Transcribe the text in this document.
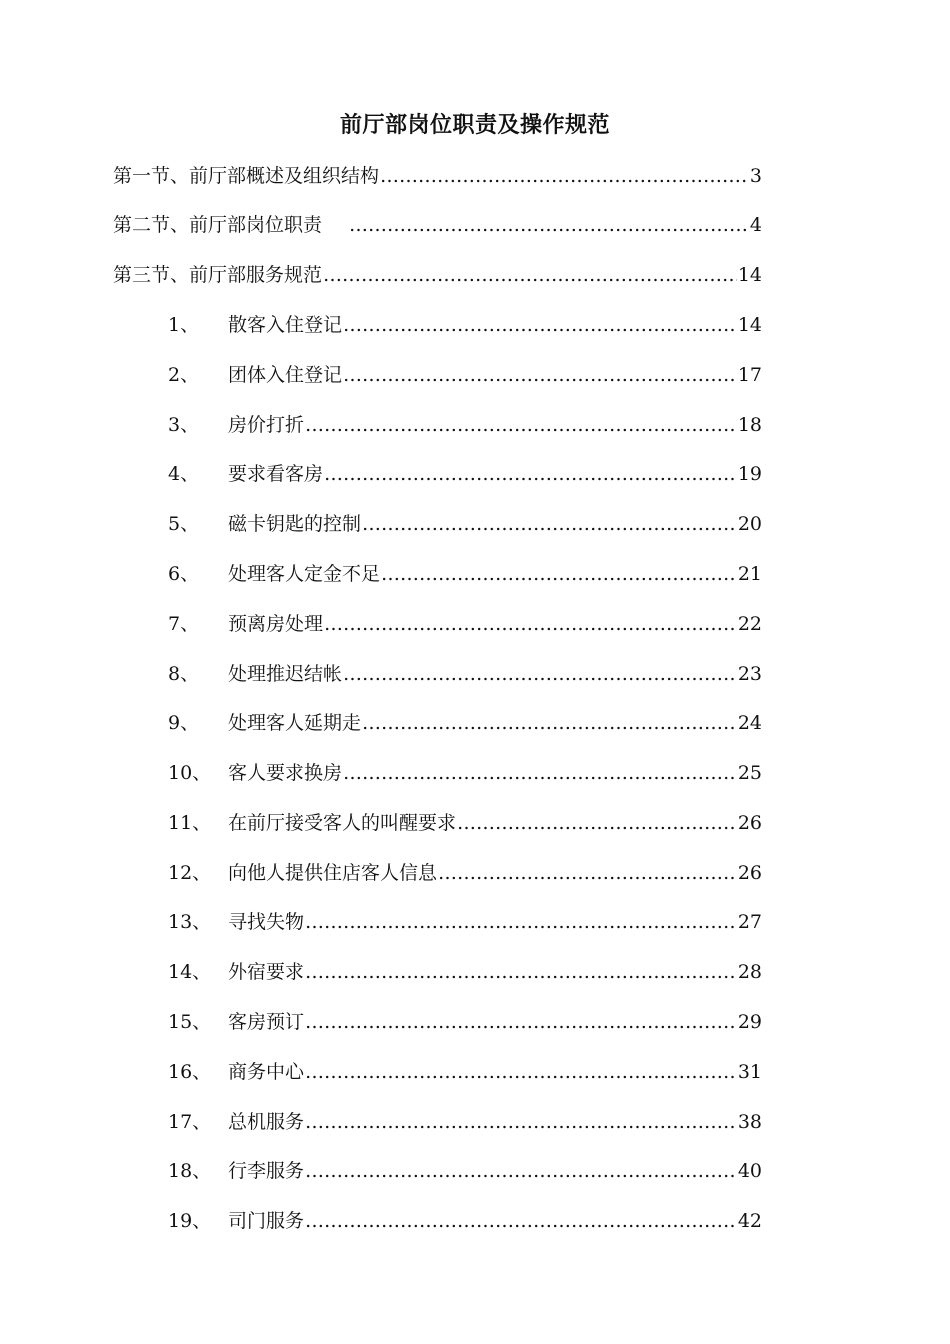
前厅部岗位职责及操作规范
第一节、前厅部概述及组织结构 …………………………………………………………………………………………………………………………………………………………………………	3
第二节、前厅部岗位职责 …………………………………………………………………………………………………………………………………………………………………………	4
第三节、前厅部服务规范 …………………………………………………………………………………………………………………………………………………………………………	14
1、	散客入住登记 …………………………………………………………………………………………………………………………………………………………………………	14
2、	团体入住登记 …………………………………………………………………………………………………………………………………………………………………………	17
3、	房价打折 …………………………………………………………………………………………………………………………………………………………………………	18
4、	要求看客房 …………………………………………………………………………………………………………………………………………………………………………	19
5、	磁卡钥匙的控制 …………………………………………………………………………………………………………………………………………………………………………	20
6、	处理客人定金不足 …………………………………………………………………………………………………………………………………………………………………………	21
7、	预离房处理 …………………………………………………………………………………………………………………………………………………………………………	22
8、	处理推迟结帐 …………………………………………………………………………………………………………………………………………………………………………	23
9、	处理客人延期走 …………………………………………………………………………………………………………………………………………………………………………	24
10、 客人要求换房 …………………………………………………………………………………………………………………………………………………………………………	25
11、 在前厅接受客人的叫醒要求 …………………………………………………………………………………………………………………………………………………………………………	26
12、 向他人提供住店客人信息 …………………………………………………………………………………………………………………………………………………………………………	26
13、 寻找失物 …………………………………………………………………………………………………………………………………………………………………………	27
14、 外宿要求 …………………………………………………………………………………………………………………………………………………………………………	28
15、 客房预订 …………………………………………………………………………………………………………………………………………………………………………	29
16、 商务中心 …………………………………………………………………………………………………………………………………………………………………………	31
17、 总机服务 …………………………………………………………………………………………………………………………………………………………………………	38
18、 行李服务 …………………………………………………………………………………………………………………………………………………………………………	40
19、 司门服务 …………………………………………………………………………………………………………………………………………………………………………	42
